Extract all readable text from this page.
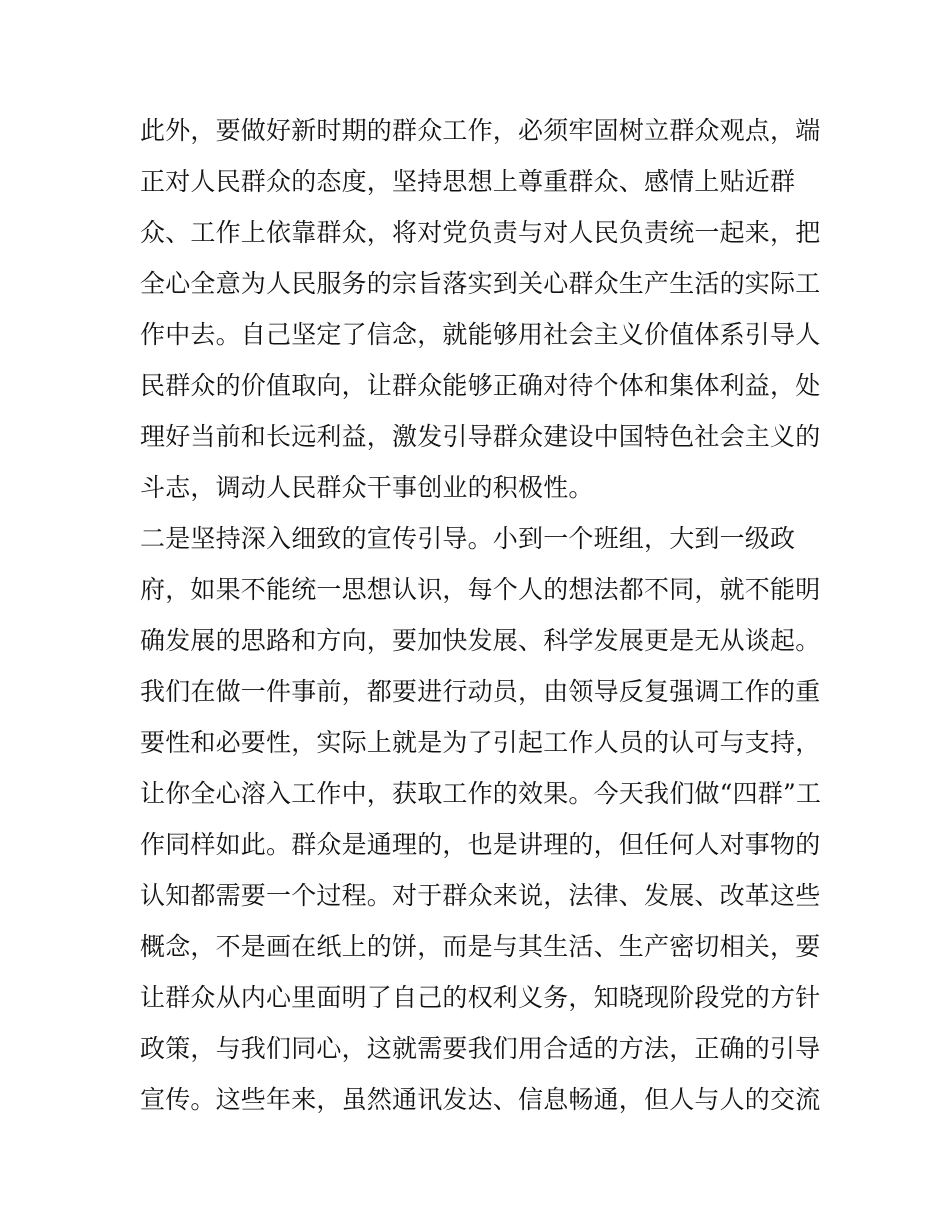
此外，要做好新时期的群众工作，必须牢固树立群众观点，端
正对人民群众的态度，坚持思想上尊重群众、感情上贴近群
众、工作上依靠群众，将对党负责与对人民负责统一起来，把
全心全意为人民服务的宗旨落实到关心群众生产生活的实际工
作中去。自己坚定了信念，就能够用社会主义价值体系引导人
民群众的价值取向，让群众能够正确对待个体和集体利益，处
理好当前和长远利益，激发引导群众建设中国特色社会主义的
斗志，调动人民群众干事创业的积极性。
二是坚持深入细致的宣传引导。小到一个班组，大到一级政
府，如果不能统一思想认识，每个人的想法都不同，就不能明
确发展的思路和方向，要加快发展、科学发展更是无从谈起。
我们在做一件事前，都要进行动员，由领导反复强调工作的重
要性和必要性，实际上就是为了引起工作人员的认可与支持，
让你全心溶入工作中，获取工作的效果。今天我们做“四群”工
作同样如此。群众是通理的，也是讲理的，但任何人对事物的
认知都需要一个过程。对于群众来说，法律、发展、改革这些
概念，不是画在纸上的饼，而是与其生活、生产密切相关，要
让群众从内心里面明了自己的权利义务，知晓现阶段党的方针
政策，与我们同心，这就需要我们用合适的方法，正确的引导
宣传。这些年来，虽然通讯发达、信息畅通，但人与人的交流
